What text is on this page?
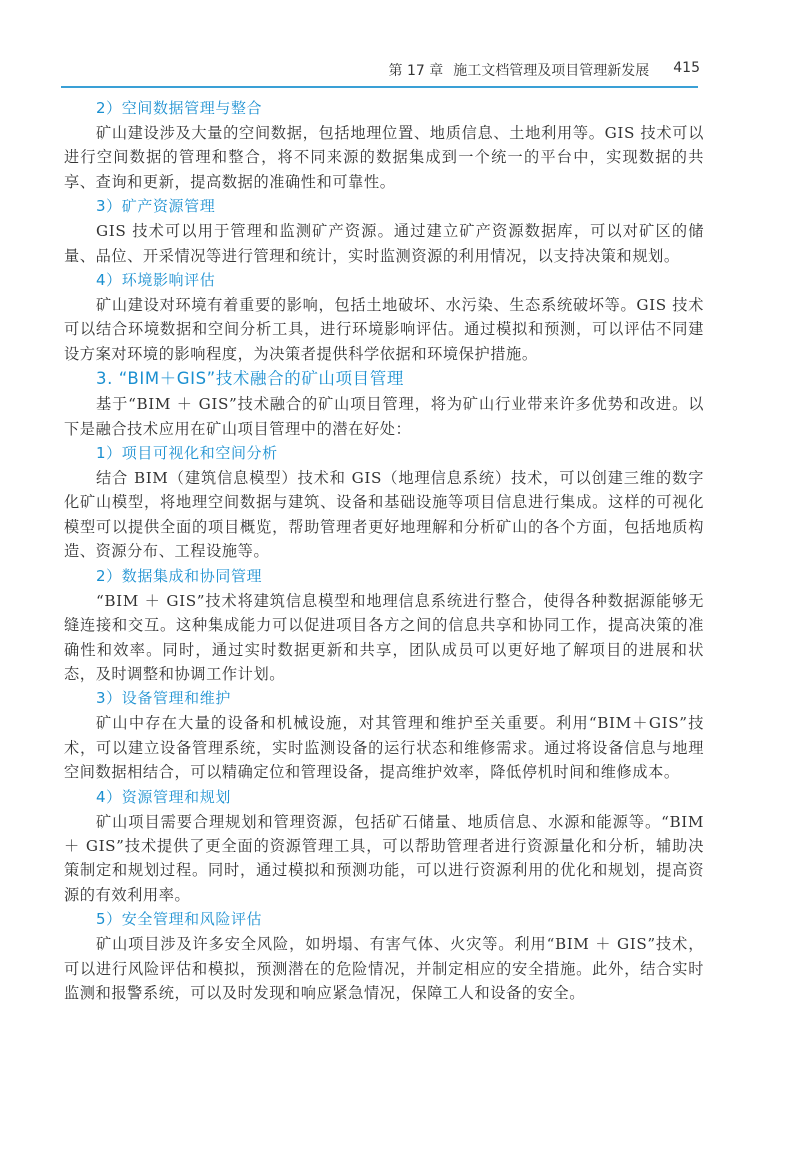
第 17 章 施工文档管理及项目管理新发展 415
2）空间数据管理与整合

矿山建设涉及大量的空间数据，包括地理位置、地质信息、土地利用等。GIS 技术可以进行空间数据的管理和整合，将不同来源的数据集成到一个统一的平台中，实现数据的共享、查询和更新，提高数据的准确性和可靠性。

3）矿产资源管理

GIS 技术可以用于管理和监测矿产资源。通过建立矿产资源数据库，可以对矿区的储量、品位、开采情况等进行管理和统计，实时监测资源的利用情况，以支持决策和规划。

4）环境影响评估

矿山建设对环境有着重要的影响，包括土地破坏、水污染、生态系统破坏等。GIS 技术可以结合环境数据和空间分析工具，进行环境影响评估。通过模拟和预测，可以评估不同建设方案对环境的影响程度，为决策者提供科学依据和环境保护措施。

3. “BIM＋GIS”技术融合的矿山项目管理

基于“BIM ＋ GIS”技术融合的矿山项目管理，将为矿山行业带来许多优势和改进。以下是融合技术应用在矿山项目管理中的潜在好处：

1）项目可视化和空间分析

结合 BIM（建筑信息模型）技术和 GIS（地理信息系统）技术，可以创建三维的数字化矿山模型，将地理空间数据与建筑、设备和基础设施等项目信息进行集成。这样的可视化模型可以提供全面的项目概览，帮助管理者更好地理解和分析矿山的各个方面，包括地质构造、资源分布、工程设施等。

2）数据集成和协同管理

“BIM ＋ GIS”技术将建筑信息模型和地理信息系统进行整合，使得各种数据源能够无缝连接和交互。这种集成能力可以促进项目各方之间的信息共享和协同工作，提高决策的准确性和效率。同时，通过实时数据更新和共享，团队成员可以更好地了解项目的进展和状态，及时调整和协调工作计划。

3）设备管理和维护

矿山中存在大量的设备和机械设施，对其管理和维护至关重要。利用“BIM＋GIS”技术，可以建立设备管理系统，实时监测设备的运行状态和维修需求。通过将设备信息与地理空间数据相结合，可以精确定位和管理设备，提高维护效率，降低停机时间和维修成本。

4）资源管理和规划

矿山项目需要合理规划和管理资源，包括矿石储量、地质信息、水源和能源等。“BIM ＋ GIS”技术提供了更全面的资源管理工具，可以帮助管理者进行资源量化和分析，辅助决策制定和规划过程。同时，通过模拟和预测功能，可以进行资源利用的优化和规划，提高资源的有效利用率。

5）安全管理和风险评估

矿山项目涉及许多安全风险，如坍塌、有害气体、火灾等。利用“BIM ＋ GIS”技术，可以进行风险评估和模拟，预测潜在的危险情况，并制定相应的安全措施。此外，结合实时监测和报警系统，可以及时发现和响应紧急情况，保障工人和设备的安全。
